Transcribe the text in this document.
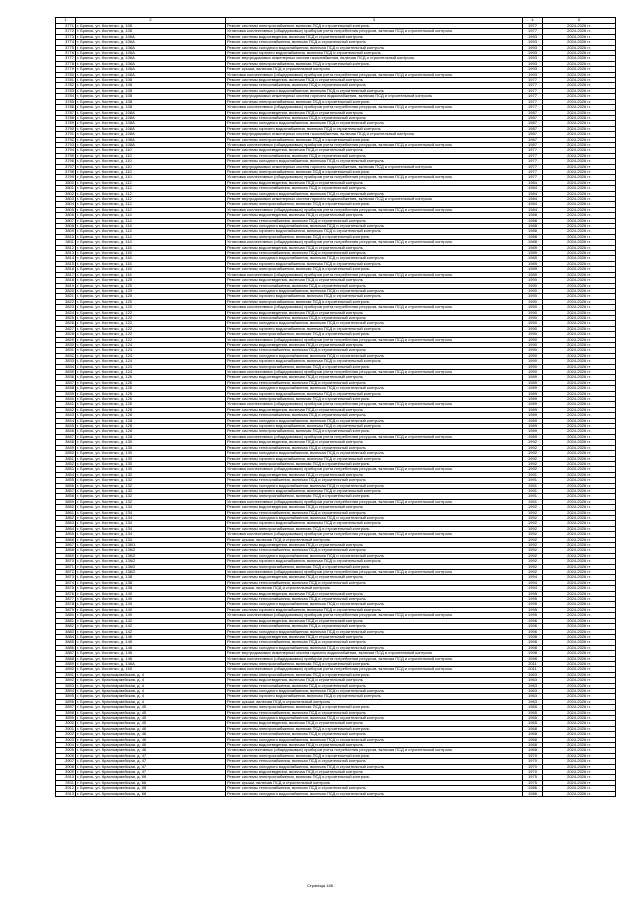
1	2	3	4	5
3771	г. Брянск, ул. Костенко, д. 106	Ремонт системы электроснабжения, включая ПСД и строительный контроль	1977	2024-2026 гг.
3772	г. Брянск, ул. Костенко, д. 106	Установка коллективных (общедомовых) приборов учета потребления ресурсов, включая ПСД и строительный контроль	1977	2024-2026 гг.
3773	г. Брянск, ул. Костенко, д. 106А	Ремонт системы водоотведения, включая ПСД и строительный контроль	1993	2024-2026 гг.
3774	г. Брянск, ул. Костенко, д. 106А	Ремонт системы теплоснабжения, включая ПСД и строительный контроль	1993	2024-2026 гг.
3775	г. Брянск, ул. Костенко, д. 106А	Ремонт системы холодного водоснабжения, включая ПСД и строительный контроль	1993	2024-2026 гг.
3776	г. Брянск, ул. Костенко, д. 106А	Ремонт системы горячего водоснабжения, включая ПСД и строительный контроль	1993	2024-2026 гг.
3777	г. Брянск, ул. Костенко, д. 106А	Ремонт внутридомовых инженерных систем газоснабжения, включая ПСД и строительный контроль	1993	2024-2026 гг.
3778	г. Брянск, ул. Костенко, д. 106А	Ремонт системы электроснабжения, включая ПСД и строительный контроль	1993	2024-2026 гг.
3779	г. Брянск, ул. Костенко, д. 106А	Ремонт крыши, включая ПСД и строительный контроль	1993	2024-2026 гг.
3780	г. Брянск, ул. Костенко, д. 106А	Установка коллективных (общедомовых) приборов учета потребления ресурсов, включая ПСД и строительный контроль	1993	2024-2026 гг.
3781	г. Брянск, ул. Костенко, д. 108	Ремонт системы водоотведения, включая ПСД и строительный контроль	1977	2024-2026 гг.
3782	г. Брянск, ул. Костенко, д. 108	Ремонт системы теплоснабжения, включая ПСД и строительный контроль	1977	2024-2026 гг.
3783	г. Брянск, ул. Костенко, д. 108	Ремонт системы холодного водоснабжения, включая ПСД и строительный контроль	1977	2024-2026 гг.
3784	г. Брянск, ул. Костенко, д. 108	Ремонт внутридомовых инженерных систем горячего водоснабжения, включая ПСД и строительный контроль	1977	2024-2026 гг.
3785	г. Брянск, ул. Костенко, д. 108	Ремонт системы электроснабжения, включая ПСД и строительный контроль	1977	2024-2026 гг.
3786	г. Брянск, ул. Костенко, д. 108	Установка коллективных (общедомовых) приборов учета потребления ресурсов, включая ПСД и строительный контроль	1977	2024-2026 гг.
3787	г. Брянск, ул. Костенко, д. 108А	Ремонт системы водоотведения, включая ПСД и строительный контроль	1987	2024-2026 гг.
3788	г. Брянск, ул. Костенко, д. 108А	Ремонт системы теплоснабжения, включая ПСД и строительный контроль	1987	2024-2026 гг.
3789	г. Брянск, ул. Костенко, д. 108А	Ремонт системы холодного водоснабжения, включая ПСД и строительный контроль	1987	2024-2026 гг.
3790	г. Брянск, ул. Костенко, д. 108А	Ремонт системы горячего водоснабжения, включая ПСД и строительный контроль	1987	2024-2026 гг.
3791	г. Брянск, ул. Костенко, д. 108А	Ремонт внутридомовых инженерных систем газоснабжения, включая ПСД и строительный контроль	1987	2024-2026 гг.
3792	г. Брянск, ул. Костенко, д. 108А	Ремонт системы электроснабжения, включая ПСД и строительный контроль	1987	2024-2026 гг.
3793	г. Брянск, ул. Костенко, д. 108А	Установка коллективных (общедомовых) приборов учета потребления ресурсов, включая ПСД и строительный контроль	1987	2024-2026 гг.
3794	г. Брянск, ул. Костенко, д. 110	Ремонт системы водоотведения, включая ПСД и строительный контроль	1977	2024-2026 гг.
3795	г. Брянск, ул. Костенко, д. 110	Ремонт системы теплоснабжения, включая ПСД и строительный контроль	1977	2024-2026 гг.
3796	г. Брянск, ул. Костенко, д. 110	Ремонт системы холодного водоснабжения, включая ПСД и строительный контроль	1977	2024-2026 гг.
3797	г. Брянск, ул. Костенко, д. 110	Ремонт внутридомовых инженерных систем горячего водоснабжения, включая ПСД и строительный контроль	1977	2024-2026 гг.
3798	г. Брянск, ул. Костенко, д. 110	Ремонт системы электроснабжения, включая ПСД и строительный контроль	1977	2024-2026 гг.
3799	г. Брянск, ул. Костенко, д. 110	Установка коллективных (общедомовых) приборов учета потребления ресурсов, включая ПСД и строительный контроль	1977	2024-2026 гг.
3800	г. Брянск, ул. Костенко, д. 112	Ремонт системы водоотведения, включая ПСД и строительный контроль	1984	2024-2026 гг.
3801	г. Брянск, ул. Костенко, д. 112	Ремонт системы теплоснабжения, включая ПСД и строительный контроль	1984	2024-2026 гг.
3802	г. Брянск, ул. Костенко, д. 112	Ремонт системы холодного водоснабжения, включая ПСД и строительный контроль	1984	2024-2026 гг.
3803	г. Брянск, ул. Костенко, д. 112	Ремонт внутридомовых инженерных систем горячего водоснабжения, включая ПСД и строительный контроль	1984	2024-2026 гг.
3804	г. Брянск, ул. Костенко, д. 112	Ремонт системы электроснабжения, включая ПСД и строительный контроль	1984	2024-2026 гг.
3805	г. Брянск, ул. Костенко, д. 112	Установка коллективных (общедомовых) приборов учета потребления ресурсов, включая ПСД и строительный контроль	1984	2024-2026 гг.
3806	г. Брянск, ул. Костенко, д. 114	Ремонт системы водоотведения, включая ПСД и строительный контроль	1988	2024-2026 гг.
3807	г. Брянск, ул. Костенко, д. 114	Ремонт системы теплоснабжения, включая ПСД и строительный контроль	1988	2024-2026 гг.
3808	г. Брянск, ул. Костенко, д. 114	Ремонт системы холодного водоснабжения, включая ПСД и строительный контроль	1988	2024-2026 гг.
3809	г. Брянск, ул. Костенко, д. 114	Ремонт системы горячего водоснабжения, включая ПСД и строительный контроль	1988	2024-2026 гг.
3810	г. Брянск, ул. Костенко, д. 114	Ремонт системы электроснабжения, включая ПСД и строительный контроль	1988	2024-2026 гг.
3811	г. Брянск, ул. Костенко, д. 114	Установка коллективных (общедомовых) приборов учета потребления ресурсов, включая ПСД и строительный контроль	1988	2024-2026 гг.
3812	г. Брянск, ул. Костенко, д. 116	Ремонт системы водоотведения, включая ПСД и строительный контроль	1989	2024-2026 гг.
3813	г. Брянск, ул. Костенко, д. 116	Ремонт системы теплоснабжения, включая ПСД и строительный контроль	1989	2024-2026 гг.
3814	г. Брянск, ул. Костенко, д. 116	Ремонт системы холодного водоснабжения, включая ПСД и строительный контроль	1989	2024-2026 гг.
3815	г. Брянск, ул. Костенко, д. 116	Ремонт системы горячего водоснабжения, включая ПСД и строительный контроль	1989	2024-2026 гг.
3816	г. Брянск, ул. Костенко, д. 116	Ремонт системы электроснабжения, включая ПСД и строительный контроль	1989	2024-2026 гг.
3817	г. Брянск, ул. Костенко, д. 116	Установка коллективных (общедомовых) приборов учета потребления ресурсов, включая ПСД и строительный контроль	1989	2024-2026 гг.
3818	г. Брянск, ул. Костенко, д. 120	Ремонт системы водоотведения, включая ПСД и строительный контроль	1990	2024-2026 гг.
3819	г. Брянск, ул. Костенко, д. 120	Ремонт системы теплоснабжения, включая ПСД и строительный контроль	1990	2024-2026 гг.
3820	г. Брянск, ул. Костенко, д. 120	Ремонт системы холодного водоснабжения, включая ПСД и строительный контроль	1990	2024-2026 гг.
3821	г. Брянск, ул. Костенко, д. 120	Ремонт системы горячего водоснабжения, включая ПСД и строительный контроль	1990	2024-2026 гг.
3822	г. Брянск, ул. Костенко, д. 120	Ремонт системы электроснабжения, включая ПСД и строительный контроль	1990	2024-2026 гг.
3823	г. Брянск, ул. Костенко, д. 120	Установка коллективных (общедомовых) приборов учета потребления ресурсов, включая ПСД и строительный контроль	1990	2024-2026 гг.
3824	г. Брянск, ул. Костенко, д. 122	Ремонт системы водоотведения, включая ПСД и строительный контроль	1990	2024-2026 гг.
3825	г. Брянск, ул. Костенко, д. 122	Ремонт системы теплоснабжения, включая ПСД и строительный контроль	1990	2024-2026 гг.
3826	г. Брянск, ул. Костенко, д. 122	Ремонт системы холодного водоснабжения, включая ПСД и строительный контроль	1990	2024-2026 гг.
3827	г. Брянск, ул. Костенко, д. 122	Ремонт системы горячего водоснабжения, включая ПСД и строительный контроль	1990	2024-2026 гг.
3828	г. Брянск, ул. Костенко, д. 122	Ремонт системы электроснабжения, включая ПСД и строительный контроль	1990	2024-2026 гг.
3829	г. Брянск, ул. Костенко, д. 122	Установка коллективных (общедомовых) приборов учета потребления ресурсов, включая ПСД и строительный контроль	1990	2024-2026 гг.
3830	г. Брянск, ул. Костенко, д. 124	Ремонт системы водоотведения, включая ПСД и строительный контроль	1990	2024-2026 гг.
3831	г. Брянск, ул. Костенко, д. 124	Ремонт системы теплоснабжения, включая ПСД и строительный контроль	1990	2024-2026 гг.
3832	г. Брянск, ул. Костенко, д. 124	Ремонт системы холодного водоснабжения, включая ПСД и строительный контроль	1990	2024-2026 гг.
3833	г. Брянск, ул. Костенко, д. 124	Ремонт системы горячего водоснабжения, включая ПСД и строительный контроль	1990	2024-2026 гг.
3834	г. Брянск, ул. Костенко, д. 124	Ремонт системы электроснабжения, включая ПСД и строительный контроль	1990	2024-2026 гг.
3835	г. Брянск, ул. Костенко, д. 124	Установка коллективных (общедомовых) приборов учета потребления ресурсов, включая ПСД и строительный контроль	1990	2024-2026 гг.
3836	г. Брянск, ул. Костенко, д. 126	Ремонт системы водоотведения, включая ПСД и строительный контроль	1989	2024-2026 гг.
3837	г. Брянск, ул. Костенко, д. 126	Ремонт системы теплоснабжения, включая ПСД и строительный контроль	1989	2024-2026 гг.
3838	г. Брянск, ул. Костенко, д. 126	Ремонт системы холодного водоснабжения, включая ПСД и строительный контроль	1989	2024-2026 гг.
3839	г. Брянск, ул. Костенко, д. 126	Ремонт системы горячего водоснабжения, включая ПСД и строительный контроль	1989	2024-2026 гг.
3840	г. Брянск, ул. Костенко, д. 126	Ремонт системы электроснабжения, включая ПСД и строительный контроль	1989	2024-2026 гг.
3841	г. Брянск, ул. Костенко, д. 126	Установка коллективных (общедомовых) приборов учета потребления ресурсов, включая ПСД и строительный контроль	1989	2024-2026 гг.
3842	г. Брянск, ул. Костенко, д. 128	Ремонт системы водоотведения, включая ПСД и строительный контроль	1989	2024-2026 гг.
3843	г. Брянск, ул. Костенко, д. 128	Ремонт системы теплоснабжения, включая ПСД и строительный контроль	1989	2024-2026 гг.
3844	г. Брянск, ул. Костенко, д. 128	Ремонт системы холодного водоснабжения, включая ПСД и строительный контроль	1989	2024-2026 гг.
3845	г. Брянск, ул. Костенко, д. 128	Ремонт системы горячего водоснабжения, включая ПСД и строительный контроль	1989	2024-2026 гг.
3846	г. Брянск, ул. Костенко, д. 128	Ремонт системы электроснабжения, включая ПСД и строительный контроль	1989	2024-2026 гг.
3847	г. Брянск, ул. Костенко, д. 128	Установка коллективных (общедомовых) приборов учета потребления ресурсов, включая ПСД и строительный контроль	1989	2024-2026 гг.
3848	г. Брянск, ул. Костенко, д. 130	Ремонт системы водоотведения, включая ПСД и строительный контроль	1992	2024-2026 гг.
3849	г. Брянск, ул. Костенко, д. 130	Ремонт системы теплоснабжения, включая ПСД и строительный контроль	1992	2024-2026 гг.
3850	г. Брянск, ул. Костенко, д. 130	Ремонт системы холодного водоснабжения, включая ПСД и строительный контроль	1992	2024-2026 гг.
3851	г. Брянск, ул. Костенко, д. 130	Ремонт системы горячего водоснабжения, включая ПСД и строительный контроль	1992	2024-2026 гг.
3852	г. Брянск, ул. Костенко, д. 130	Ремонт системы электроснабжения, включая ПСД и строительный контроль	1992	2024-2026 гг.
3853	г. Брянск, ул. Костенко, д. 130	Установка коллективных (общедомовых) приборов учета потребления ресурсов, включая ПСД и строительный контроль	1992	2024-2026 гг.
3854	г. Брянск, ул. Костенко, д. 132	Ремонт системы водоотведения, включая ПСД и строительный контроль	1991	2024-2026 гг.
3855	г. Брянск, ул. Костенко, д. 132	Ремонт системы теплоснабжения, включая ПСД и строительный контроль	1991	2024-2026 гг.
3856	г. Брянск, ул. Костенко, д. 132	Ремонт системы холодного водоснабжения, включая ПСД и строительный контроль	1991	2024-2026 гг.
3857	г. Брянск, ул. Костенко, д. 132	Ремонт системы горячего водоснабжения, включая ПСД и строительный контроль	1991	2024-2026 гг.
3858	г. Брянск, ул. Костенко, д. 132	Ремонт системы электроснабжения, включая ПСД и строительный контроль	1991	2024-2026 гг.
3859	г. Брянск, ул. Костенко, д. 132	Установка коллективных (общедомовых) приборов учета потребления ресурсов, включая ПСД и строительный контроль	1991	2024-2026 гг.
3860	г. Брянск, ул. Костенко, д. 134	Ремонт системы водоотведения, включая ПСД и строительный контроль	1992	2024-2026 гг.
3861	г. Брянск, ул. Костенко, д. 134	Ремонт системы теплоснабжения, включая ПСД и строительный контроль	1992	2024-2026 гг.
3862	г. Брянск, ул. Костенко, д. 134	Ремонт системы холодного водоснабжения, включая ПСД и строительный контроль	1992	2024-2026 гг.
3863	г. Брянск, ул. Костенко, д. 134	Ремонт системы горячего водоснабжения, включая ПСД и строительный контроль	1992	2024-2026 гг.
3864	г. Брянск, ул. Костенко, д. 134	Ремонт системы электроснабжения, включая ПСД и строительный контроль	1992	2024-2026 гг.
3865	г. Брянск, ул. Костенко, д. 134	Установка коллективных (общедомовых) приборов учета потребления ресурсов, включая ПСД и строительный контроль	1992	2024-2026 гг.
3866	г. Брянск, ул. Костенко, д. 134	Ремонт крыши, включая ПСД и строительный контроль	1992	2024-2026 гг.
3867	г. Брянск, ул. Костенко, д. 136/1	Ремонт системы водоотведения, включая ПСД и строительный контроль	1992	2024-2026 гг.
3868	г. Брянск, ул. Костенко, д. 136/2	Ремонт системы теплоснабжения, включая ПСД и строительный контроль	1992	2024-2026 гг.
3869	г. Брянск, ул. Костенко, д. 136/2	Ремонт системы холодного водоснабжения, включая ПСД и строительный контроль	1992	2024-2026 гг.
3870	г. Брянск, ул. Костенко, д. 136/2	Ремонт системы горячего водоснабжения, включая ПСД и строительный контроль	1992	2024-2026 гг.
3871	г. Брянск, ул. Костенко, д. 136/2	Ремонт системы электроснабжения, включая ПСД и строительный контроль	1992	2024-2026 гг.
3872	г. Брянск, ул. Костенко, д. 136/2	Установка коллективных (общедомовых) приборов учета потребления ресурсов, включая ПСД и строительный контроль	1992	2024-2026 гг.
3873	г. Брянск, ул. Костенко, д. 138	Ремонт системы водоотведения, включая ПСД и строительный контроль	1994	2024-2026 гг.
3874	г. Брянск, ул. Костенко, д. 138	Ремонт системы теплоснабжения, включая ПСД и строительный контроль	1994	2024-2026 гг.
3875	г. Брянск, ул. Костенко, д. 138	Ремонт крыши, включая ПСД и строительный контроль	1994	2024-2026 гг.
3876	г. Брянск, ул. Костенко, д. 140	Ремонт системы водоотведения, включая ПСД и строительный контроль	1995	2024-2026 гг.
3877	г. Брянск, ул. Костенко, д. 140	Ремонт системы теплоснабжения, включая ПСД и строительный контроль	1995	2024-2026 гг.
3878	г. Брянск, ул. Костенко, д. 140	Ремонт системы холодного водоснабжения, включая ПСД и строительный контроль	1995	2024-2026 гг.
3879	г. Брянск, ул. Костенко, д. 140	Ремонт системы горячего водоснабжения, включая ПСД и строительный контроль	1995	2024-2026 гг.
3880	г. Брянск, ул. Костенко, д. 140	Установка коллективных (общедомовых) приборов учета потребления ресурсов, включая ПСД и строительный контроль	1995	2024-2026 гг.
3881	г. Брянск, ул. Костенко, д. 142	Ремонт системы водоотведения, включая ПСД и строительный контроль	1996	2024-2026 гг.
3882	г. Брянск, ул. Костенко, д. 142	Ремонт системы теплоснабжения, включая ПСД и строительный контроль	1996	2024-2026 гг.
3883	г. Брянск, ул. Костенко, д. 142	Ремонт системы холодного водоснабжения, включая ПСД и строительный контроль	1996	2024-2026 гг.
3884	г. Брянск, ул. Костенко, д. 146	Ремонт системы водоотведения, включая ПСД и строительный контроль	1998	2024-2026 гг.
3885	г. Брянск, ул. Костенко, д. 146	Ремонт системы теплоснабжения, включая ПСД и строительный контроль	1998	2024-2026 гг.
3886	г. Брянск, ул. Костенко, д. 146	Ремонт системы холодного водоснабжения, включая ПСД и строительный контроль	1998	2024-2026 гг.
3887	г. Брянск, ул. Костенко, д. 146	Ремонт внутридомовых инженерных систем горячего водоснабжения, включая ПСД и строительный контроль	1998	2024-2026 гг.
3888	г. Брянск, ул. Костенко, д. 146	Установка коллективных (общедомовых) приборов учета потребления ресурсов, включая ПСД и строительный контроль	1998	2024-2026 гг.
3889	г. Брянск, ул. Костенко, д. 146А	Ремонт системы электроснабжения, включая ПСД и строительный контроль	2011	2024-2026 гг.
3890	г. Брянск, ул. Костенко, д. 150	Установка коллективных (общедомовых) приборов учета потребления ресурсов, включая ПСД и строительный контроль	2011	2024-2026 гг.
3891	г. Брянск, ул. Красноармейская, д. 4	Ремонт системы электроснабжения, включая ПСД и строительный контроль	1963	2024-2026 гг.
3892	г. Брянск, ул. Красноармейская, д. 4	Ремонт системы водоотведения, включая ПСД и строительный контроль	1963	2024-2026 гг.
3893	г. Брянск, ул. Красноармейская, д. 4	Ремонт системы теплоснабжения, включая ПСД и строительный контроль	1963	2024-2026 гг.
3894	г. Брянск, ул. Красноармейская, д. 4	Ремонт системы холодного водоснабжения, включая ПСД и строительный контроль	1963	2024-2026 гг.
3895	г. Брянск, ул. Красноармейская, д. 4	Ремонт системы горячего водоснабжения, включая ПСД и строительный контроль	1963	2024-2026 гг.
3896	г. Брянск, ул. Красноармейская, д. 4	Ремонт крыши, включая ПСД и строительный контроль	1963	2024-2026 гг.
3897	г. Брянск, ул. Красноармейская, д. 45	Ремонт системы электроснабжения, включая ПСД и строительный контроль	1965	2024-2026 гг.
3898	г. Брянск, ул. Красноармейская, д. 45	Ремонт системы теплоснабжения, включая ПСД и строительный контроль	1965	2024-2026 гг.
3899	г. Брянск, ул. Красноармейская, д. 45	Ремонт системы холодного водоснабжения, включая ПСД и строительный контроль	1965	2024-2026 гг.
3900	г. Брянск, ул. Красноармейская, д. 45	Ремонт системы водоотведения, включая ПСД и строительный контроль	1965	2024-2026 гг.
3901	г. Брянск, ул. Красноармейская, д. 46	Ремонт системы электроснабжения, включая ПСД и строительный контроль	1968	2024-2026 гг.
3902	г. Брянск, ул. Красноармейская, д. 46	Ремонт системы теплоснабжения, включая ПСД и строительный контроль	1968	2024-2026 гг.
3903	г. Брянск, ул. Красноармейская, д. 46	Ремонт системы холодного водоснабжения, включая ПСД и строительный контроль	1968	2024-2026 гг.
3904	г. Брянск, ул. Красноармейская, д. 46	Ремонт системы водоотведения, включая ПСД и строительный контроль	1968	2024-2026 гг.
3905	г. Брянск, ул. Красноармейская, д. 46	Установка коллективных (общедомовых) приборов учета потребления ресурсов, включая ПСД и строительный контроль	1968	2024-2026 гг.
3906	г. Брянск, ул. Красноармейская, д. 47	Ремонт системы электроснабжения, включая ПСД и строительный контроль	1970	2024-2026 гг.
3907	г. Брянск, ул. Красноармейская, д. 47	Ремонт системы теплоснабжения, включая ПСД и строительный контроль	1970	2024-2026 гг.
3908	г. Брянск, ул. Красноармейская, д. 47	Ремонт системы холодного водоснабжения, включая ПСД и строительный контроль	1970	2024-2026 гг.
3909	г. Брянск, ул. Красноармейская, д. 47	Ремонт системы водоотведения, включая ПСД и строительный контроль	1970	2024-2026 гг.
3910	г. Брянск, ул. Красноармейская, д. 66	Ремонт системы электроснабжения, включая ПСД и строительный контроль	1975	2024-2026 гг.
3911	г. Брянск, ул. Красноармейская, д. 66	Ремонт крыши, включая ПСД и строительный контроль	1975	2024-2026 гг.
3912	г. Брянск, ул. Красноармейская, д. 68	Ремонт системы теплоснабжения, включая ПСД и строительный контроль	1986	2024-2026 гг.
3913	г. Брянск, ул. Красноармейская, д. 68	Ремонт системы холодного водоснабжения, включая ПСД и строительный контроль	1986	2024-2026 гг.
Страница 188
